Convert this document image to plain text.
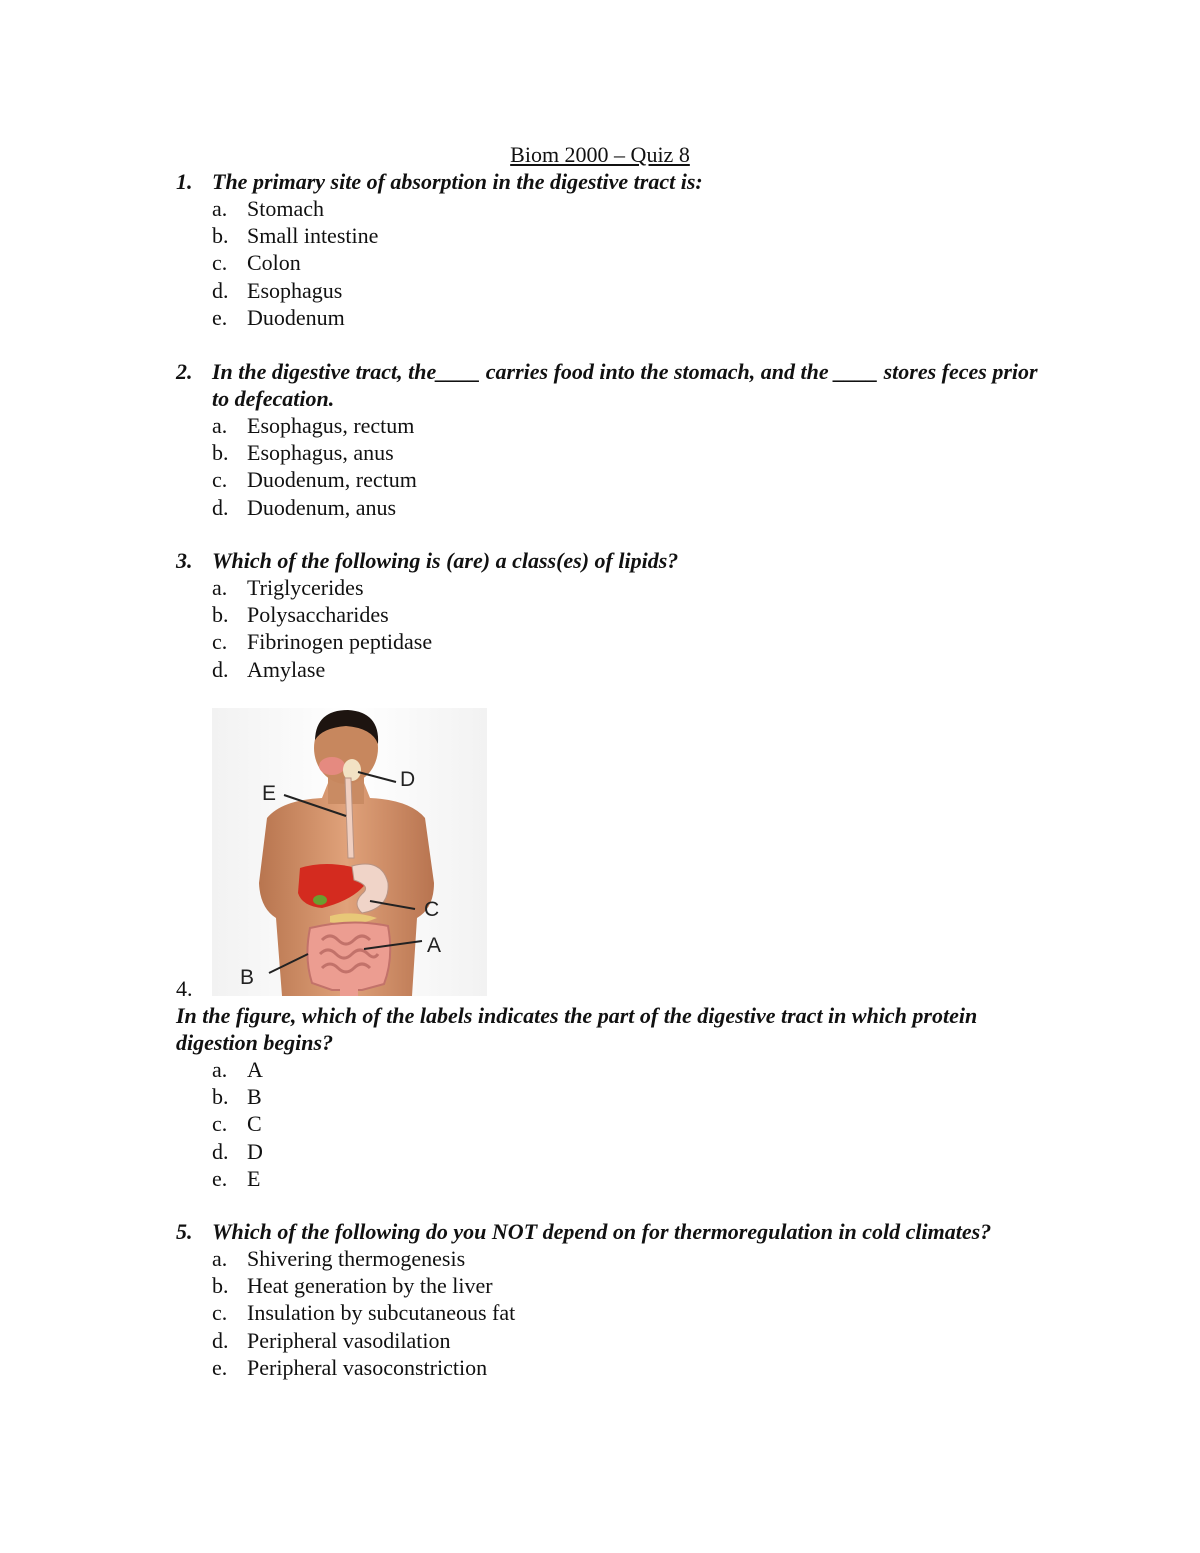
Biom 2000 – Quiz 8
1. The primary site of absorption in the digestive tract is:
a. Stomach
b. Small intestine
c. Colon
d. Esophagus
e. Duodenum
2. In the digestive tract, the____ carries food into the stomach, and the ____ stores feces prior to defecation.
a. Esophagus, rectum
b. Esophagus, anus
c. Duodenum, rectum
d. Duodenum, anus
3. Which of the following is (are) a class(es) of lipids?
a. Triglycerides
b. Polysaccharides
c. Fibrinogen peptidase
d. Amylase
E
D
C
A
B
4.
In the figure, which of the labels indicates the part of the digestive tract in which protein digestion begins?
a. A
b. B
c. C
d. D
e. E
5. Which of the following do you NOT depend on for thermoregulation in cold climates?
a. Shivering thermogenesis
b. Heat generation by the liver
c. Insulation by subcutaneous fat
d. Peripheral vasodilation
e. Peripheral vasoconstriction
